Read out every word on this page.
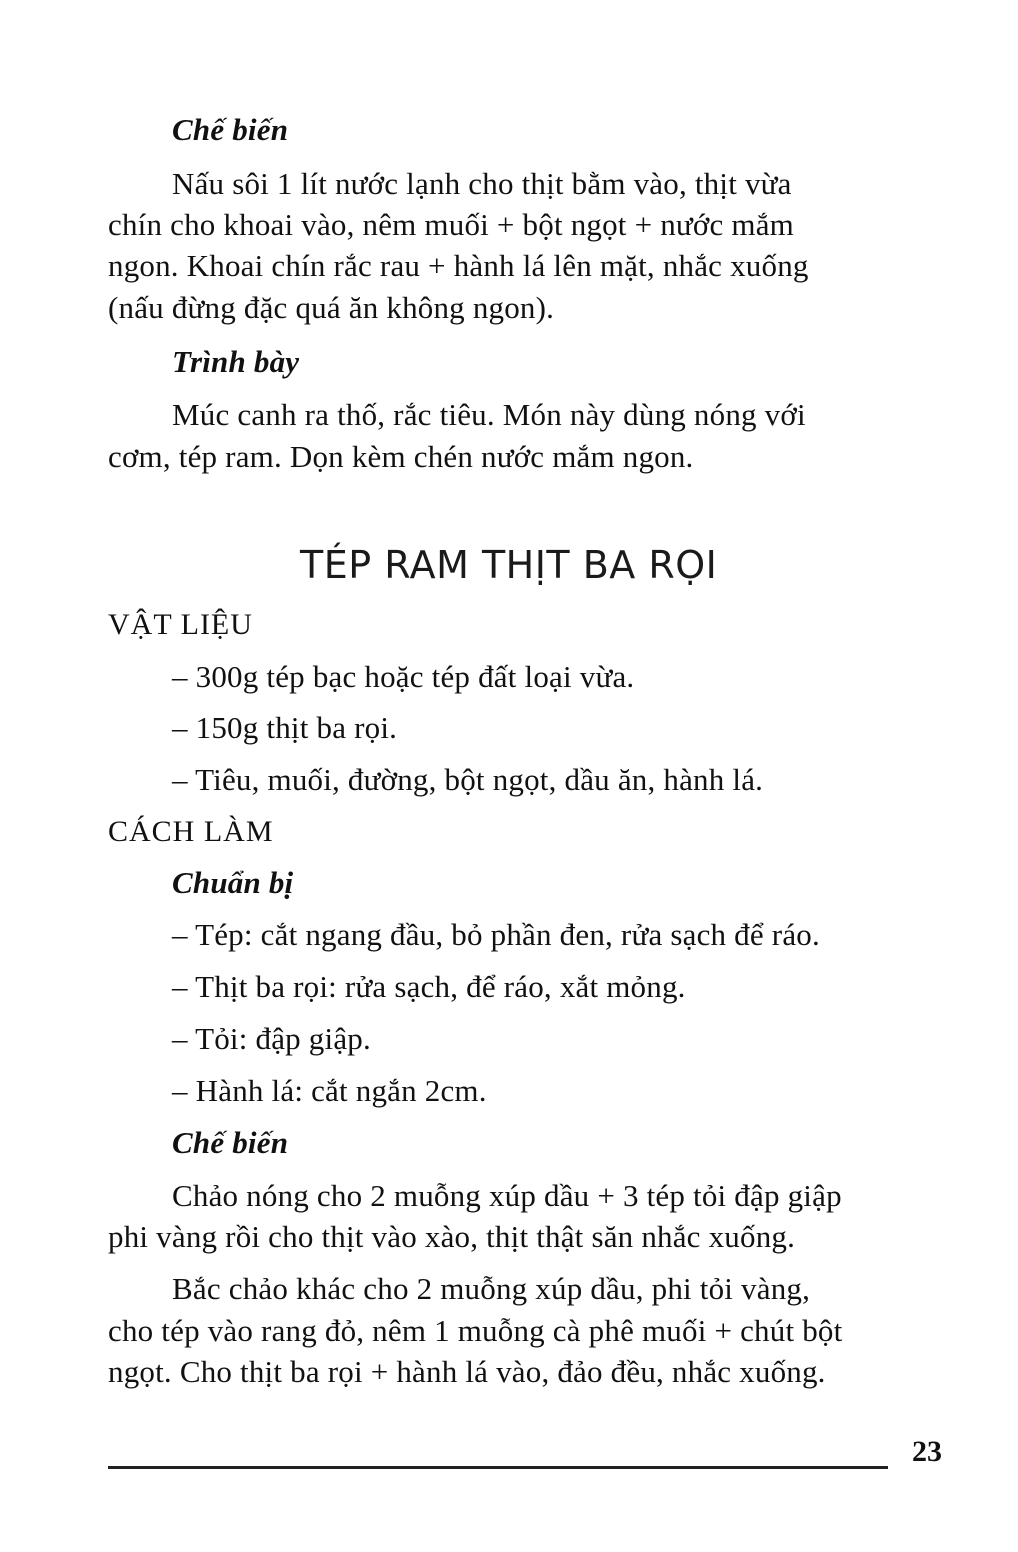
Chế biến
Nấu sôi 1 lít nước lạnh cho thịt bằm vào, thịt vừa
chín cho khoai vào, nêm muối + bột ngọt + nước mắm
ngon. Khoai chín rắc rau + hành lá lên mặt, nhắc xuống
(nấu đừng đặc quá ăn không ngon).
Trình bày
Múc canh ra thố, rắc tiêu. Món này dùng nóng với
cơm, tép ram. Dọn kèm chén nước mắm ngon.
TÉP RAM THỊT BA RỌI
VẬT LIỆU
– 300g tép bạc hoặc tép đất loại vừa.
– 150g thịt ba rọi.
– Tiêu, muối, đường, bột ngọt, dầu ăn, hành lá.
CÁCH LÀM
Chuẩn bị
– Tép: cắt ngang đầu, bỏ phần đen, rửa sạch để ráo.
– Thịt ba rọi: rửa sạch, để ráo, xắt mỏng.
– Tỏi: đập giập.
– Hành lá: cắt ngắn 2cm.
Chế biến
Chảo nóng cho 2 muỗng xúp dầu + 3 tép tỏi đập giập
phi vàng rồi cho thịt vào xào, thịt thật săn nhắc xuống.
Bắc chảo khác cho 2 muỗng xúp dầu, phi tỏi vàng,
cho tép vào rang đỏ, nêm 1 muỗng cà phê muối + chút bột
ngọt. Cho thịt ba rọi + hành lá vào, đảo đều, nhắc xuống.
23
